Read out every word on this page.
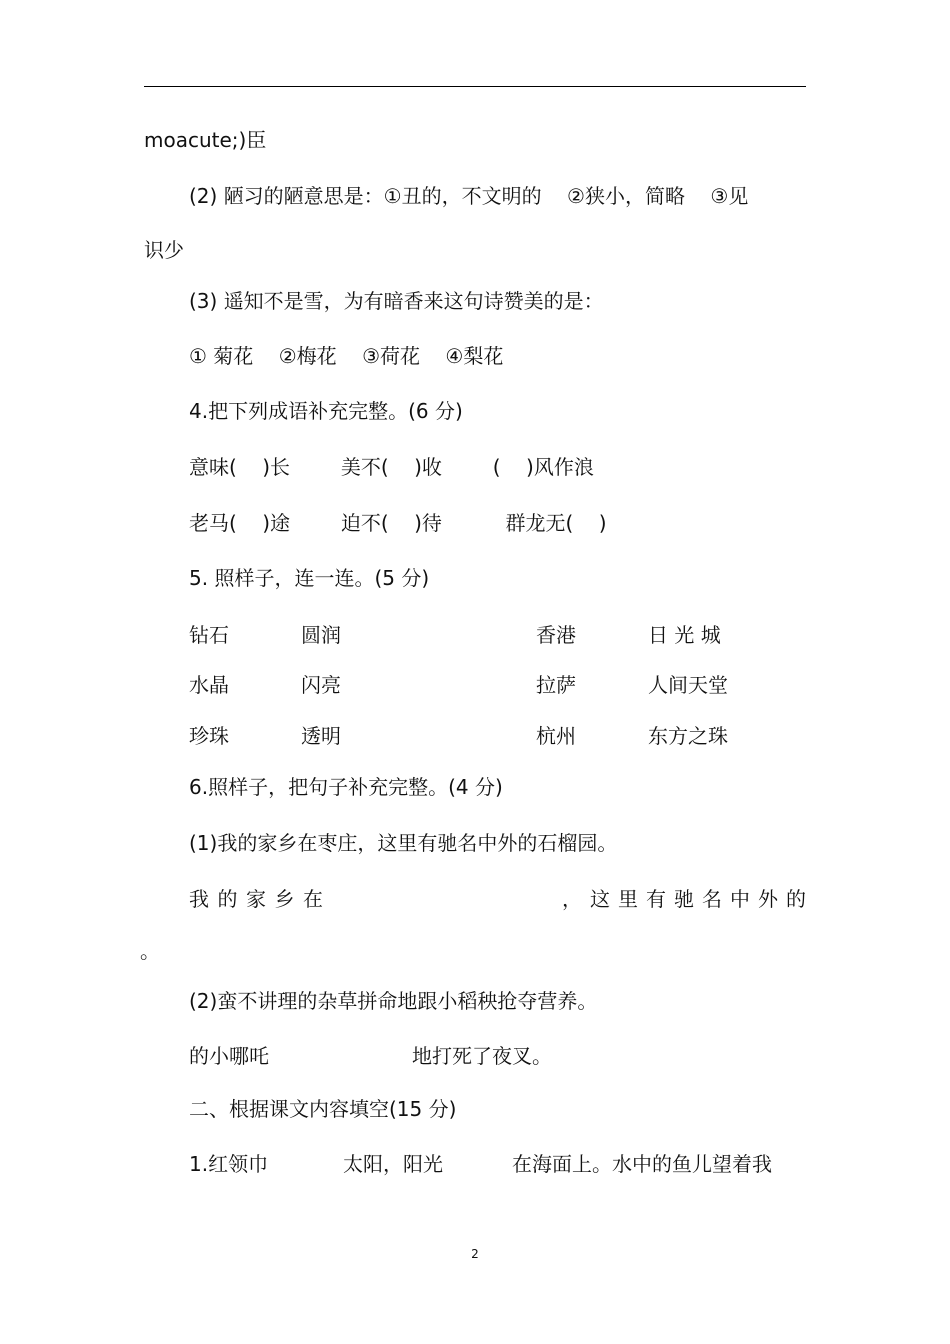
moacute;)臣
(2) 陋习的陋意思是：①丑的，不文明的    ②狭小，简略    ③见
识少
(3) 遥知不是雪，为有暗香来这句诗赞美的是：
① 菊花    ②梅花    ③荷花    ④梨花
4.把下列成语补充完整。(6 分)
意味(    )长        美不(    )收        (    )风作浪
老马(    )途        迫不(    )待          群龙无(    )
5. 照样子，连一连。(5 分)
钻石	圆润	香港	日 光 城
水晶	闪亮	拉萨	人间天堂
珍珠	透明	杭州	东方之珠
6.照样子，把句子补充完整。(4 分)
(1)我的家乡在枣庄，这里有驰名中外的石榴园。
我 的 家 乡 在	， 这 里 有 驰 名 中 外 的
。
(2)蛮不讲理的杂草拼命地跟小稻秧抢夺营养。
的小哪吒	地打死了夜叉。
二、根据课文内容填空(15 分)
1.红领巾	太阳，阳光	在海面上。水中的鱼儿望着我
2
